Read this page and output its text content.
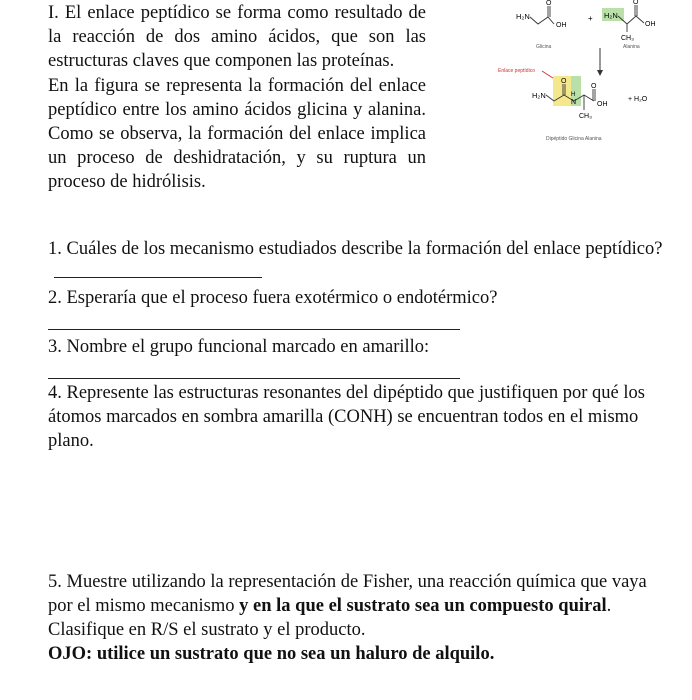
I. El enlace peptídico se forma como resultado de la reacción de dos amino ácidos, que son las estructuras claves que componen las proteínas.
En la figura se representa la formación del enlace peptídico entre los amino ácidos glicina y alanina. Como se observa, la formación del enlace implica un proceso de deshidratación, y su ruptura un proceso de hidrólisis.
H₂N
O
OH
Glicina
+ H₂N
O
OH
CH₃
Alanina
Enlace peptídico
H₂N
O
N
H
CH₃
O
OH
+ H₂O
Dipéptido Glicina Alanina
1. Cuáles de los mecanismo estudiados describe la formación del enlace peptídico?
2. Esperaría que el proceso fuera exotérmico o endotérmico?
3. Nombre el grupo funcional marcado en amarillo:
4. Represente las estructuras resonantes del dipéptido que justifiquen por qué los átomos marcados en sombra amarilla (CONH) se encuentran todos en el mismo plano.
5. Muestre utilizando la representación de Fisher, una reacción química que vaya por el mismo mecanismo y en la que el sustrato sea un compuesto quiral. Clasifique en R/S el sustrato y el producto.
OJO: utilice un sustrato que no sea un haluro de alquilo.
